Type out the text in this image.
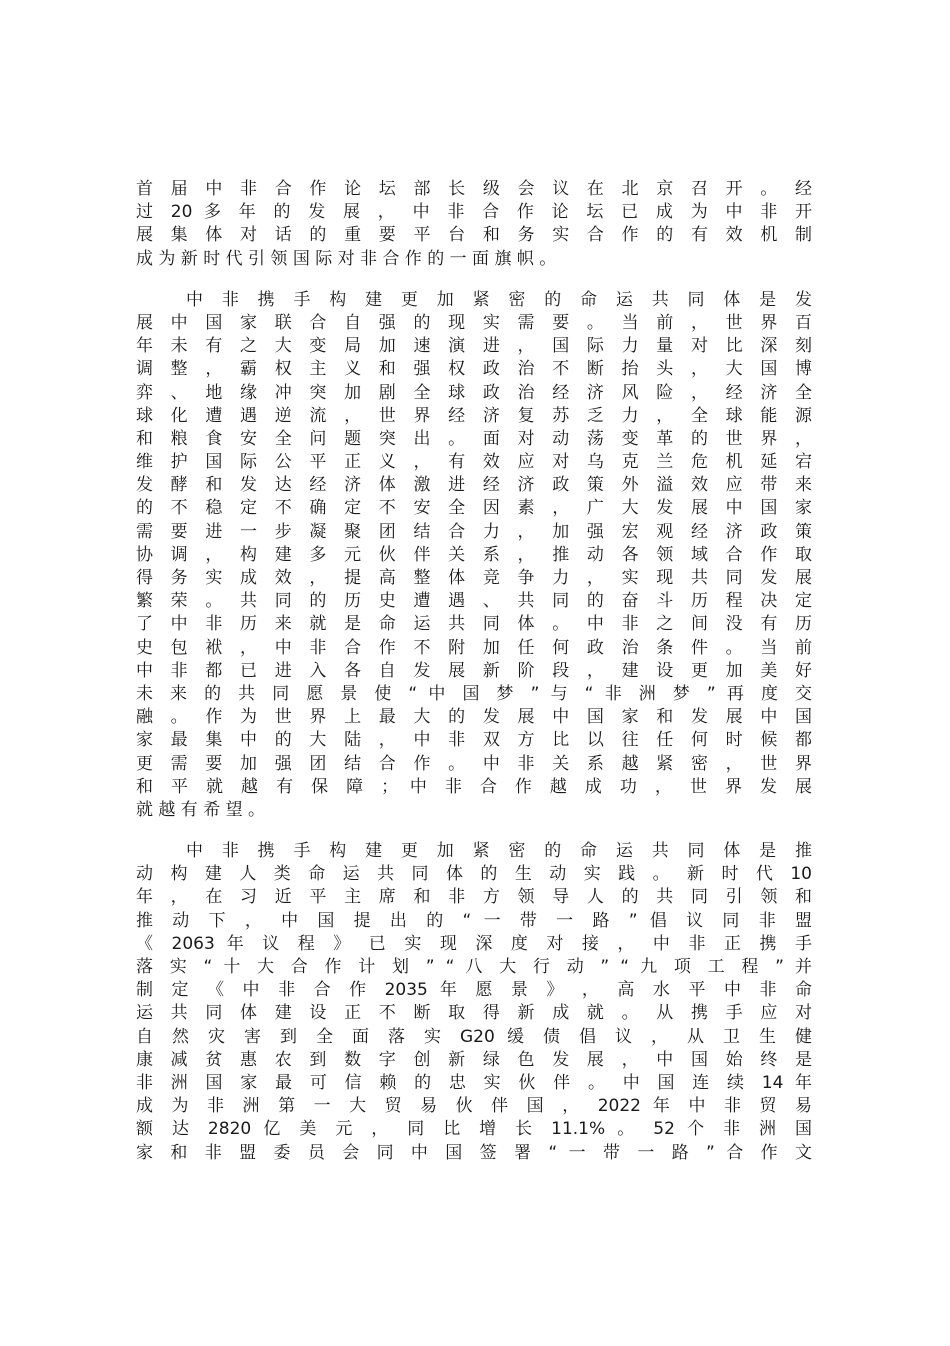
首 届 中 非 合 作 论 坛 部 长 级 会 议 在 北 京 召 开 。 经
过 20 多 年 的 发 展 ， 中 非 合 作 论 坛 已 成 为 中 非 开
展 集 体 对 话 的 重 要 平 台 和 务 实 合 作 的 有 效 机 制
成 为 新 时 代 引 领 国 际 对 非 合 作 的 一 面 旗 帜 。
中 非 携 手 构 建 更 加 紧 密 的 命 运 共 同 体 是 发
展 中 国 家 联 合 自 强 的 现 实 需 要 。 当 前 ， 世 界 百
年 未 有 之 大 变 局 加 速 演 进 ， 国 际 力 量 对 比 深 刻
调 整 ， 霸 权 主 义 和 强 权 政 治 不 断 抬 头 ， 大 国 博
弈 、 地 缘 冲 突 加 剧 全 球 政 治 经 济 风 险 ， 经 济 全
球 化 遭 遇 逆 流 ， 世 界 经 济 复 苏 乏 力 ， 全 球 能 源
和 粮 食 安 全 问 题 突 出 。 面 对 动 荡 变 革 的 世 界 ，
维 护 国 际 公 平 正 义 ， 有 效 应 对 乌 克 兰 危 机 延 宕
发 酵 和 发 达 经 济 体 激 进 经 济 政 策 外 溢 效 应 带 来
的 不 稳 定 不 确 定 不 安 全 因 素 ， 广 大 发 展 中 国 家
需 要 进 一 步 凝 聚 团 结 合 力 ， 加 强 宏 观 经 济 政 策
协 调 ， 构 建 多 元 伙 伴 关 系 ， 推 动 各 领 域 合 作 取
得 务 实 成 效 ， 提 高 整 体 竞 争 力 ， 实 现 共 同 发 展
繁 荣 。 共 同 的 历 史 遭 遇 、 共 同 的 奋 斗 历 程 决 定
了 中 非 历 来 就 是 命 运 共 同 体 。 中 非 之 间 没 有 历
史 包 袱 ， 中 非 合 作 不 附 加 任 何 政 治 条 件 。 当 前
中 非 都 已 进 入 各 自 发 展 新 阶 段 ， 建 设 更 加 美 好
未 来 的 共 同 愿 景 使 “ 中 国 梦 ” 与 “ 非 洲 梦 ” 再 度 交
融 。 作 为 世 界 上 最 大 的 发 展 中 国 家 和 发 展 中 国
家 最 集 中 的 大 陆 ， 中 非 双 方 比 以 往 任 何 时 候 都
更 需 要 加 强 团 结 合 作 。 中 非 关 系 越 紧 密 ， 世 界
和 平 就 越 有 保 障 ； 中 非 合 作 越 成 功 ， 世 界 发 展
就 越 有 希 望 。
中 非 携 手 构 建 更 加 紧 密 的 命 运 共 同 体 是 推
动 构 建 人 类 命 运 共 同 体 的 生 动 实 践 。 新 时 代 10
年 ， 在 习 近 平 主 席 和 非 方 领 导 人 的 共 同 引 领 和
推 动 下 ， 中 国 提 出 的 “ 一 带 一 路 ” 倡 议 同 非 盟
《 2063 年 议 程 》 已 实 现 深 度 对 接 ， 中 非 正 携 手
落 实 “ 十 大 合 作 计 划 ” “ 八 大 行 动 ” “ 九 项 工 程 ” 并
制 定 《 中 非 合 作 2035 年 愿 景 》 ， 高 水 平 中 非 命
运 共 同 体 建 设 正 不 断 取 得 新 成 就 。 从 携 手 应 对
自 然 灾 害 到 全 面 落 实 G20 缓 债 倡 议 ， 从 卫 生 健
康 减 贫 惠 农 到 数 字 创 新 绿 色 发 展 ， 中 国 始 终 是
非 洲 国 家 最 可 信 赖 的 忠 实 伙 伴 。 中 国 连 续 14 年
成 为 非 洲 第 一 大 贸 易 伙 伴 国 ， 2022 年 中 非 贸 易
额 达 2820 亿 美 元 ， 同 比 增 长 11.1% 。 52 个 非 洲 国
家 和 非 盟 委 员 会 同 中 国 签 署 “ 一 带 一 路 ” 合 作 文
